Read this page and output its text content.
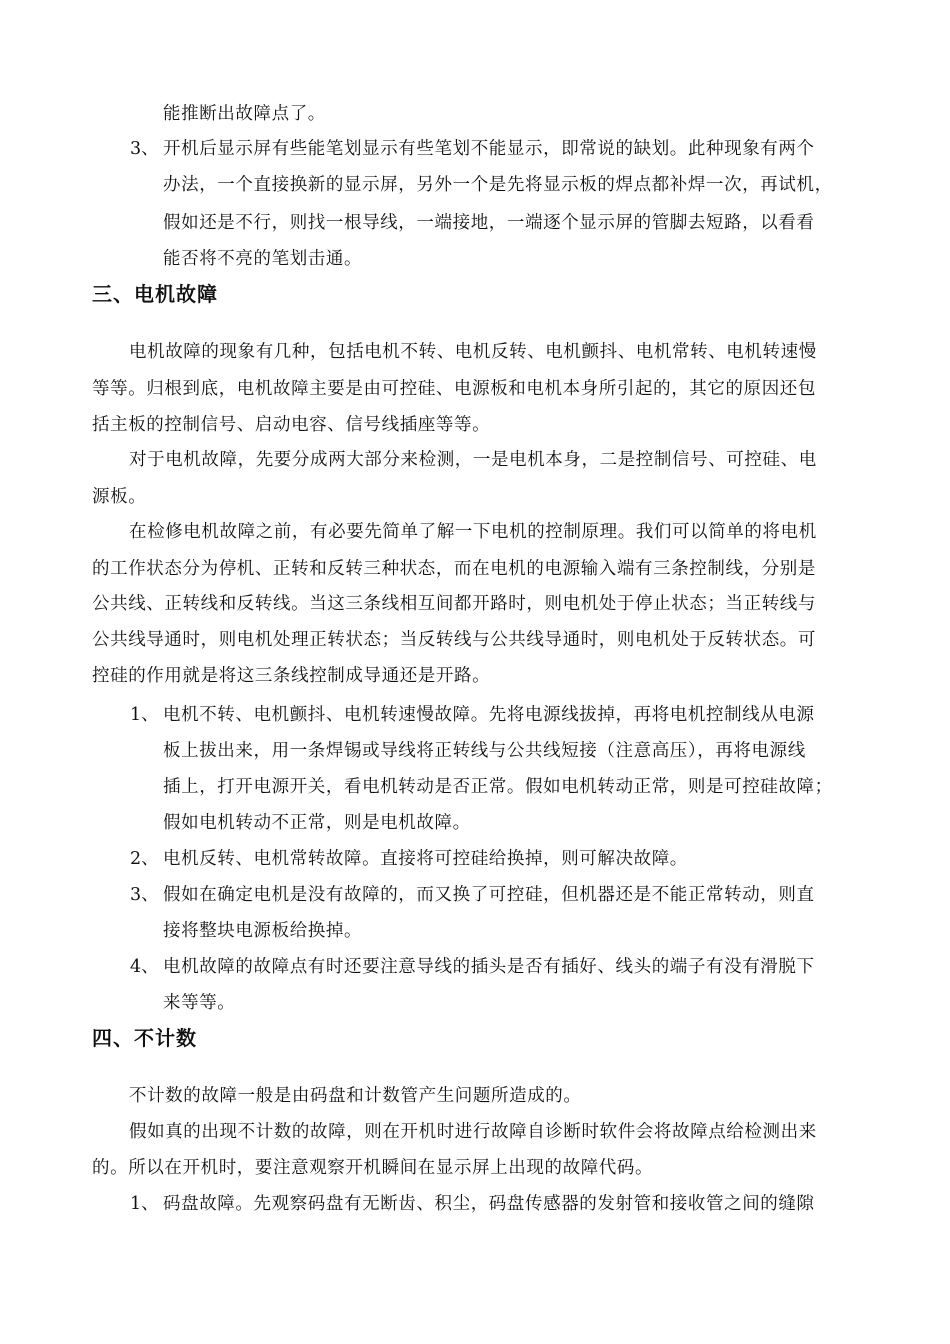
能推断出故障点了。
3、 开机后显示屏有些能笔划显示有些笔划不能显示，即常说的缺划。此种现象有两个
办法，一个直接换新的显示屏，另外一个是先将显示板的焊点都补焊一次，再试机，
假如还是不行，则找一根导线，一端接地，一端逐个显示屏的管脚去短路，以看看
能否将不亮的笔划击通。
三、电机故障
电机故障的现象有几种，包括电机不转、电机反转、电机颤抖、电机常转、电机转速慢
等等。归根到底，电机故障主要是由可控硅、电源板和电机本身所引起的，其它的原因还包
括主板的控制信号、启动电容、信号线插座等等。
对于电机故障，先要分成两大部分来检测，一是电机本身，二是控制信号、可控硅、电
源板。
在检修电机故障之前，有必要先简单了解一下电机的控制原理。我们可以简单的将电机
的工作状态分为停机、正转和反转三种状态，而在电机的电源输入端有三条控制线，分别是
公共线、正转线和反转线。当这三条线相互间都开路时，则电机处于停止状态；当正转线与
公共线导通时，则电机处理正转状态；当反转线与公共线导通时，则电机处于反转状态。可
控硅的作用就是将这三条线控制成导通还是开路。
1、 电机不转、电机颤抖、电机转速慢故障。先将电源线拔掉，再将电机控制线从电源
板上拔出来，用一条焊锡或导线将正转线与公共线短接（注意高压），再将电源线
插上，打开电源开关，看电机转动是否正常。假如电机转动正常，则是可控硅故障；
假如电机转动不正常，则是电机故障。
2、 电机反转、电机常转故障。直接将可控硅给换掉，则可解决故障。
3、 假如在确定电机是没有故障的，而又换了可控硅，但机器还是不能正常转动，则直
接将整块电源板给换掉。
4、 电机故障的故障点有时还要注意导线的插头是否有插好、线头的端子有没有滑脱下
来等等。
四、不计数
不计数的故障一般是由码盘和计数管产生问题所造成的。
假如真的出现不计数的故障，则在开机时进行故障自诊断时软件会将故障点给检测出来
的。所以在开机时，要注意观察开机瞬间在显示屏上出现的故障代码。
1、 码盘故障。先观察码盘有无断齿、积尘，码盘传感器的发射管和接收管之间的缝隙
